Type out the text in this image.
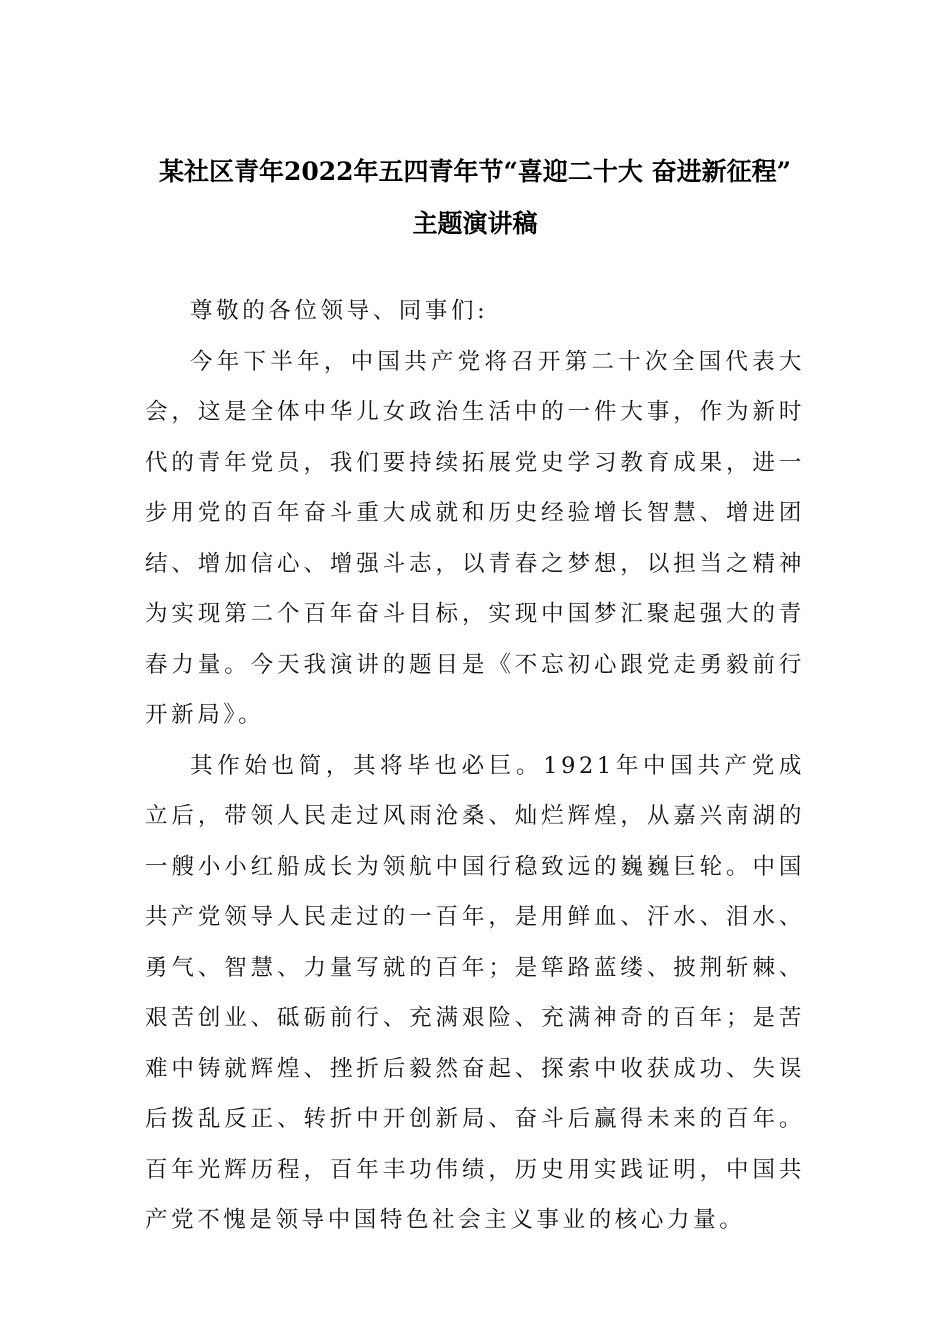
某社区青年2022年五四青年节“喜迎二十大 奋进新征程”
主题演讲稿

尊敬的各位领导、同事们:

今年下半年，中国共产党将召开第二十次全国代表大会，这是全体中华儿女政治生活中的一件大事，作为新时代的青年党员，我们要持续拓展党史学习教育成果，进一步用党的百年奋斗重大成就和历史经验增长智慧、增进团结、增加信心、增强斗志，以青春之梦想，以担当之精神为实现第二个百年奋斗目标，实现中国梦汇聚起强大的青春力量。今天我演讲的题目是《不忘初心跟党走勇毅前行开新局》。

其作始也简，其将毕也必巨。1921年中国共产党成立后，带领人民走过风雨沧桑、灿烂辉煌，从嘉兴南湖的一艘小小红船成长为领航中国行稳致远的巍巍巨轮。中国共产党领导人民走过的一百年，是用鲜血、汗水、泪水、勇气、智慧、力量写就的百年；是筚路蓝缕、披荆斩棘、艰苦创业、砥砺前行、充满艰险、充满神奇的百年；是苦难中铸就辉煌、挫折后毅然奋起、探索中收获成功、失误后拨乱反正、转折中开创新局、奋斗后赢得未来的百年。百年光辉历程，百年丰功伟绩，历史用实践证明，中国共产党不愧是领导中国特色社会主义事业的核心力量。
